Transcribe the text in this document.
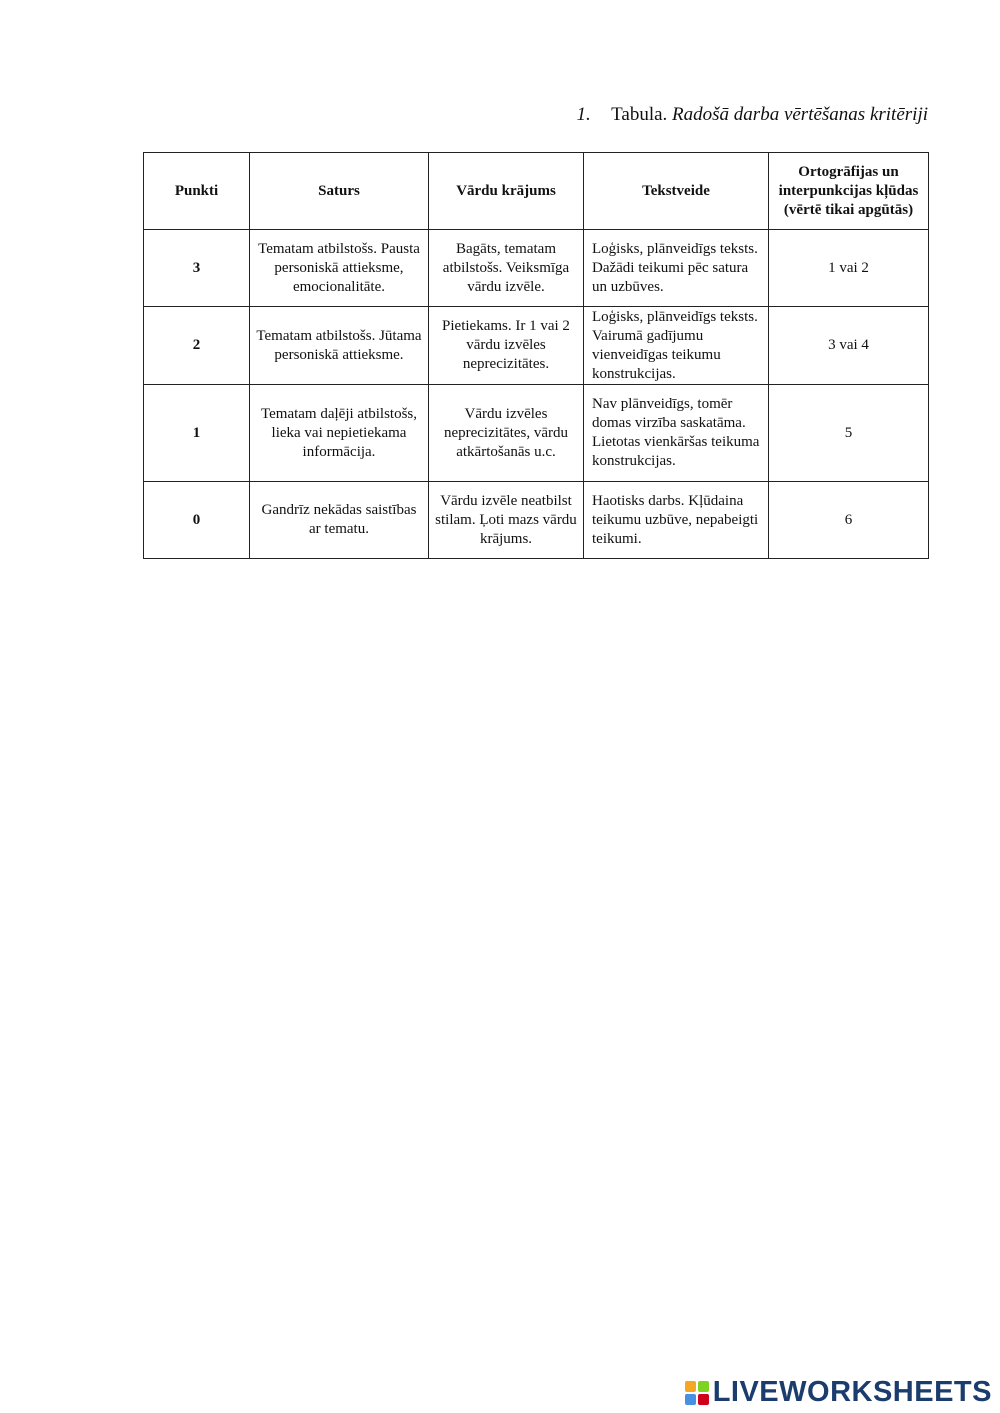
1. Tabula. Radošā darba vērtēšanas kritēriji
Punkti	Saturs	Vārdu krājums	Tekstveide	Ortogrāfijas un interpunkcijas kļūdas (vērtē tikai apgūtās)
3	Tematam atbilstošs. Pausta personiskā attieksme, emocionalitāte.	Bagāts, tematam atbilstošs. Veiksmīga vārdu izvēle.	Loģisks, plānveidīgs teksts. Dažādi teikumi pēc satura un uzbūves.	1 vai 2
2	Tematam atbilstošs. Jūtama personiskā attieksme.	Pietiekams. Ir 1 vai 2 vārdu izvēles neprecizitātes.	Loģisks, plānveidīgs teksts. Vairumā gadījumu vienveidīgas teikumu konstrukcijas.	3 vai 4
1	Tematam daļēji atbilstošs, lieka vai nepietiekama informācija.	Vārdu izvēles neprecizitātes, vārdu atkārtošanās u.c.	Nav plānveidīgs, tomēr domas virzība saskatāma. Lietotas vienkāršas teikuma konstrukcijas.	5
0	Gandrīz nekādas saistības ar tematu.	Vārdu izvēle neatbilst stilam. Ļoti mazs vārdu krājums.	Haotisks darbs. Kļūdaina teikumu uzbūve, nepabeigti teikumi.	6
LIVEWORKSHEETS
